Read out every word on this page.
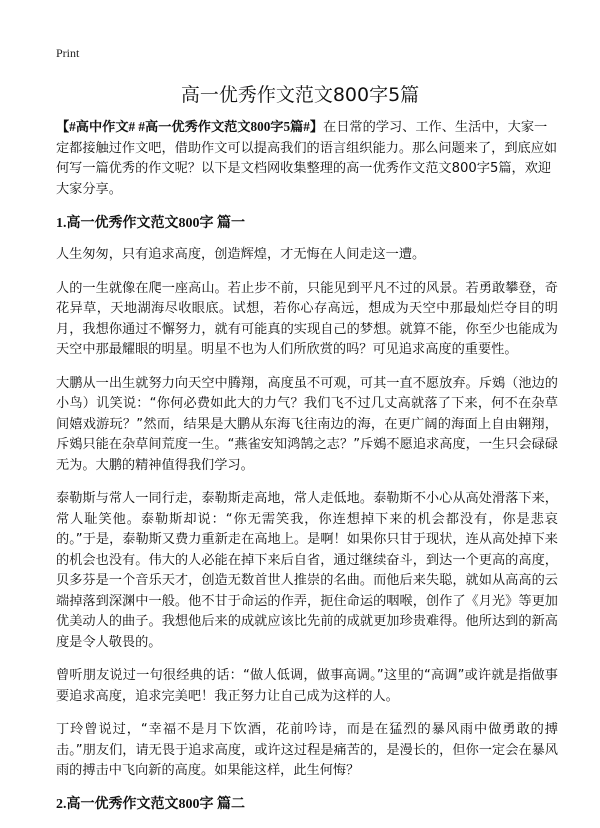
Print
高一优秀作文范文800字5篇

【#高中作文# #高一优秀作文范文800字5篇#】在日常的学习、工作、生活中，大家一定都接触过作文吧，借助作文可以提高我们的语言组织能力。那么问题来了，到底应如何写一篇优秀的作文呢？以下是文档网收集整理的高一优秀作文范文800字5篇，欢迎大家分享。

1.高一优秀作文范文800字 篇一

人生匆匆，只有追求高度，创造辉煌，才无悔在人间走这一遭。

人的一生就像在爬一座高山。若止步不前，只能见到平凡不过的风景。若勇敢攀登，奇花异草，天地湖海尽收眼底。试想，若你心存高远，想成为天空中那最灿烂夺目的明月，我想你通过不懈努力，就有可能真的实现自己的梦想。就算不能，你至少也能成为天空中那最耀眼的明星。明星不也为人们所欣赏的吗？可见追求高度的重要性。

大鹏从一出生就努力向天空中腾翔，高度虽不可观，可其一直不愿放弃。斥鴳（池边的小鸟）讥笑说：“你何必费如此大的力气？我们飞不过几丈高就落了下来，何不在杂草间嬉戏游玩？”然而，结果是大鹏从东海飞往南边的海，在更广阔的海面上自由翱翔，斥鴳只能在杂草间荒度一生。“燕雀安知鸿鹄之志？”斥鴳不愿追求高度，一生只会碌碌无为。大鹏的精神值得我们学习。

泰勒斯与常人一同行走，泰勒斯走高地，常人走低地。泰勒斯不小心从高处滑落下来，常人耻笑他。泰勒斯却说：“你无需笑我，你连想掉下来的机会都没有，你是悲哀的。”于是，泰勒斯又费力重新走在高地上。是啊！如果你只甘于现状，连从高处掉下来的机会也没有。伟大的人必能在掉下来后自省，通过继续奋斗，到达一个更高的高度，贝多芬是一个音乐天才，创造无数首世人推崇的名曲。而他后来失聪，就如从高高的云端掉落到深渊中一般。他不甘于命运的作弄，扼住命运的咽喉，创作了《月光》等更加优美动人的曲子。我想他后来的成就应该比先前的成就更加珍贵难得。他所达到的新高度是令人敬畏的。

曾听朋友说过一句很经典的话：“做人低调，做事高调。”这里的“高调”或许就是指做事要追求高度，追求完美吧！我正努力让自己成为这样的人。

丁玲曾说过，“幸福不是月下饮酒，花前吟诗，而是在猛烈的暴风雨中做勇敢的搏击。”朋友们，请无畏于追求高度，或许这过程是痛苦的，是漫长的，但你一定会在暴风雨的搏击中飞向新的高度。如果能这样，此生何悔？

2.高一优秀作文范文800字 篇二
